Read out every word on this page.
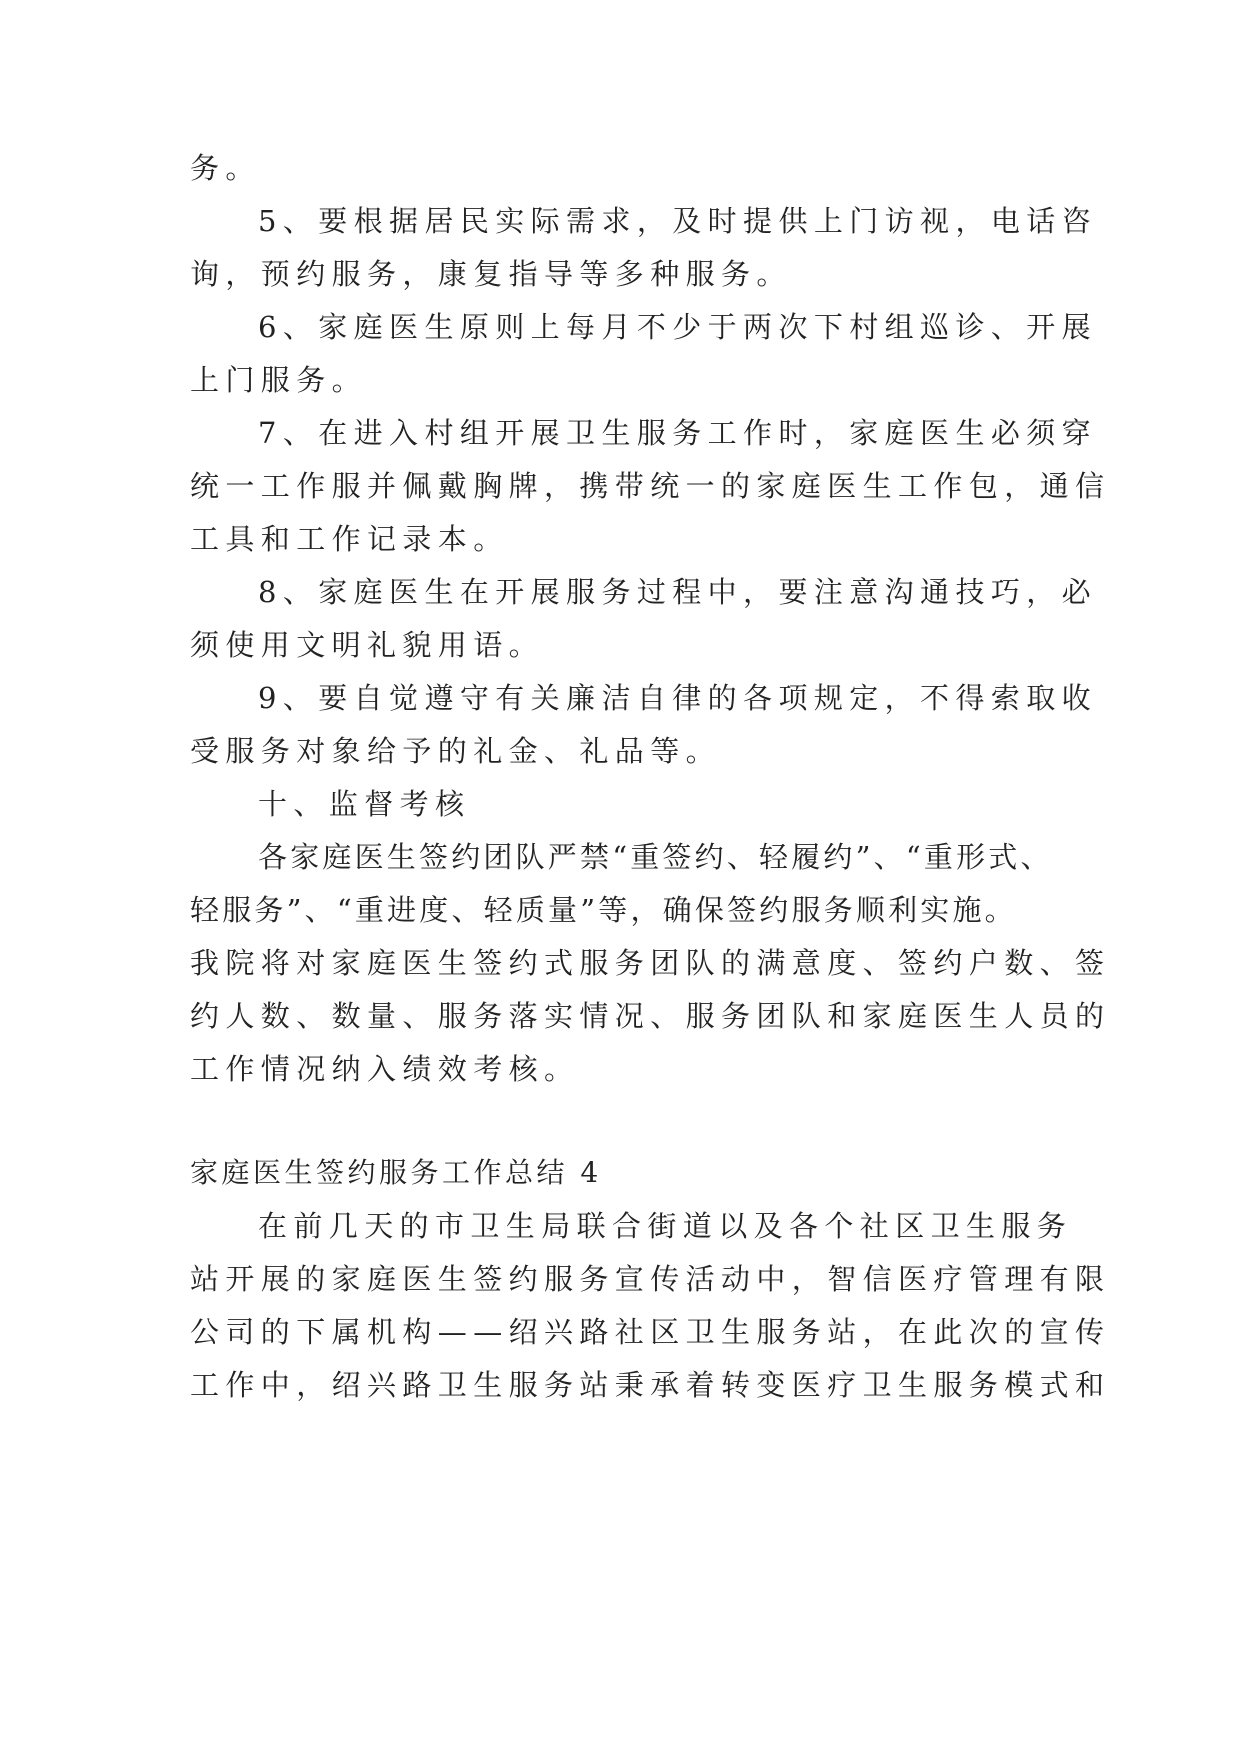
务。
5、要根据居民实际需求，及时提供上门访视，电话咨
询，预约服务，康复指导等多种服务。
6、家庭医生原则上每月不少于两次下村组巡诊、开展
上门服务。
7、在进入村组开展卫生服务工作时，家庭医生必须穿
统一工作服并佩戴胸牌，携带统一的家庭医生工作包，通信
工具和工作记录本。
8、家庭医生在开展服务过程中，要注意沟通技巧，必
须使用文明礼貌用语。
9、要自觉遵守有关廉洁自律的各项规定，不得索取收
受服务对象给予的礼金、礼品等。
十、监督考核
各家庭医生签约团队严禁“重签约、轻履约”、“重形式、
轻服务”、“重进度、轻质量”等，确保签约服务顺利实施。
我院将对家庭医生签约式服务团队的满意度、签约户数、签
约人数、数量、服务落实情况、服务团队和家庭医生人员的
工作情况纳入绩效考核。
家庭医生签约服务工作总结 4
在前几天的市卫生局联合街道以及各个社区卫生服务
站开展的家庭医生签约服务宣传活动中，智信医疗管理有限
公司的下属机构——绍兴路社区卫生服务站，在此次的宣传
工作中，绍兴路卫生服务站秉承着转变医疗卫生服务模式和
